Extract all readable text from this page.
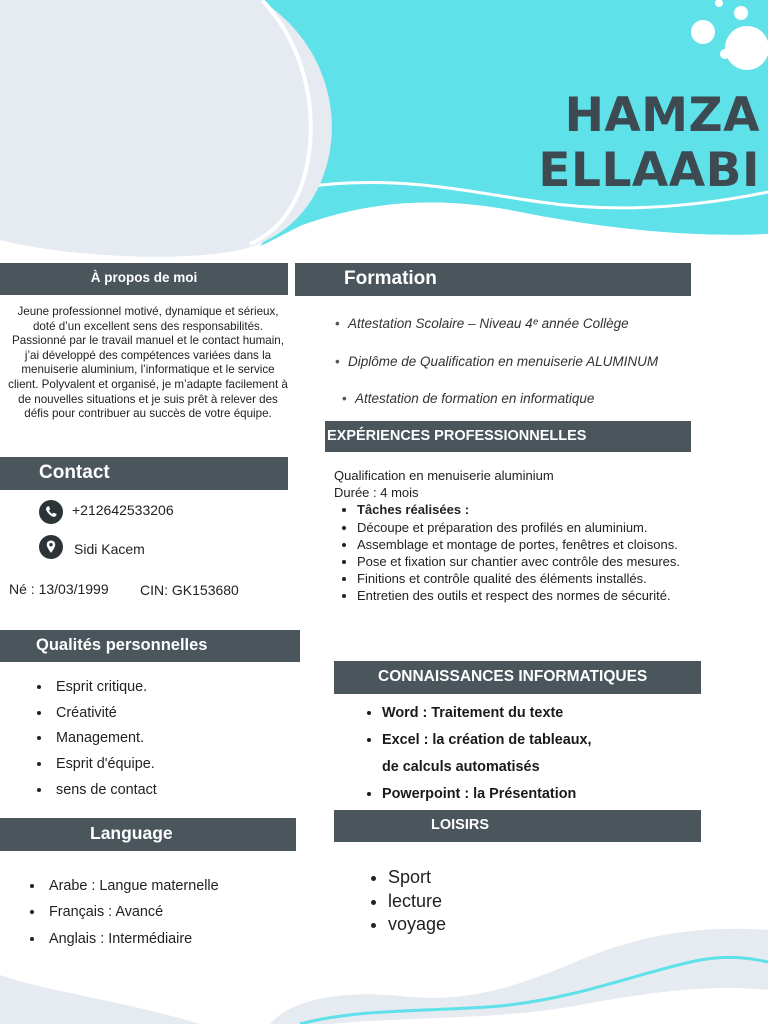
HAMZA ELLAABI
À propos de moi
Jeune professionnel motivé, dynamique et sérieux, doté d’un excellent sens des responsabilités. Passionné par le travail manuel et le contact humain, j’ai développé des compétences variées dans la menuiserie aluminium, l’informatique et le service client. Polyvalent et organisé, je m’adapte facilement à de nouvelles situations et je suis prêt à relever des défis pour contribuer au succès de votre équipe.
Formation
• Attestation Scolaire – Niveau 4ᵉ année Collège
• Diplôme de Qualification en menuiserie ALUMINUM
• Attestation de formation en informatique
EXPÉRIENCES PROFESSIONNELLES
Qualification en menuiserie aluminium
Durée : 4 mois
• Tâches réalisées :
• Découpe et préparation des profilés en aluminium.
• Assemblage et montage de portes, fenêtres et cloisons.
• Pose et fixation sur chantier avec contrôle des mesures.
• Finitions et contrôle qualité des éléments installés.
• Entretien des outils et respect des normes de sécurité.
Contact
+212642533206
Sidi Kacem
Né : 13/03/1999 CIN: GK153680
Qualités personnelles
• Esprit critique.
• Créativité
• Management.
• Esprit d'équipe.
• sens de contact
CONNAISSANCES INFORMATIQUES
• Word : Traitement du texte
• Excel : la création de tableaux,
de calculs automatisés
• Powerpoint : la Présentation
Language
• Arabe : Langue maternelle
• Français : Avancé
• Anglais : Intermédiaire
LOISIRS
• Sport
• lecture
• voyage
